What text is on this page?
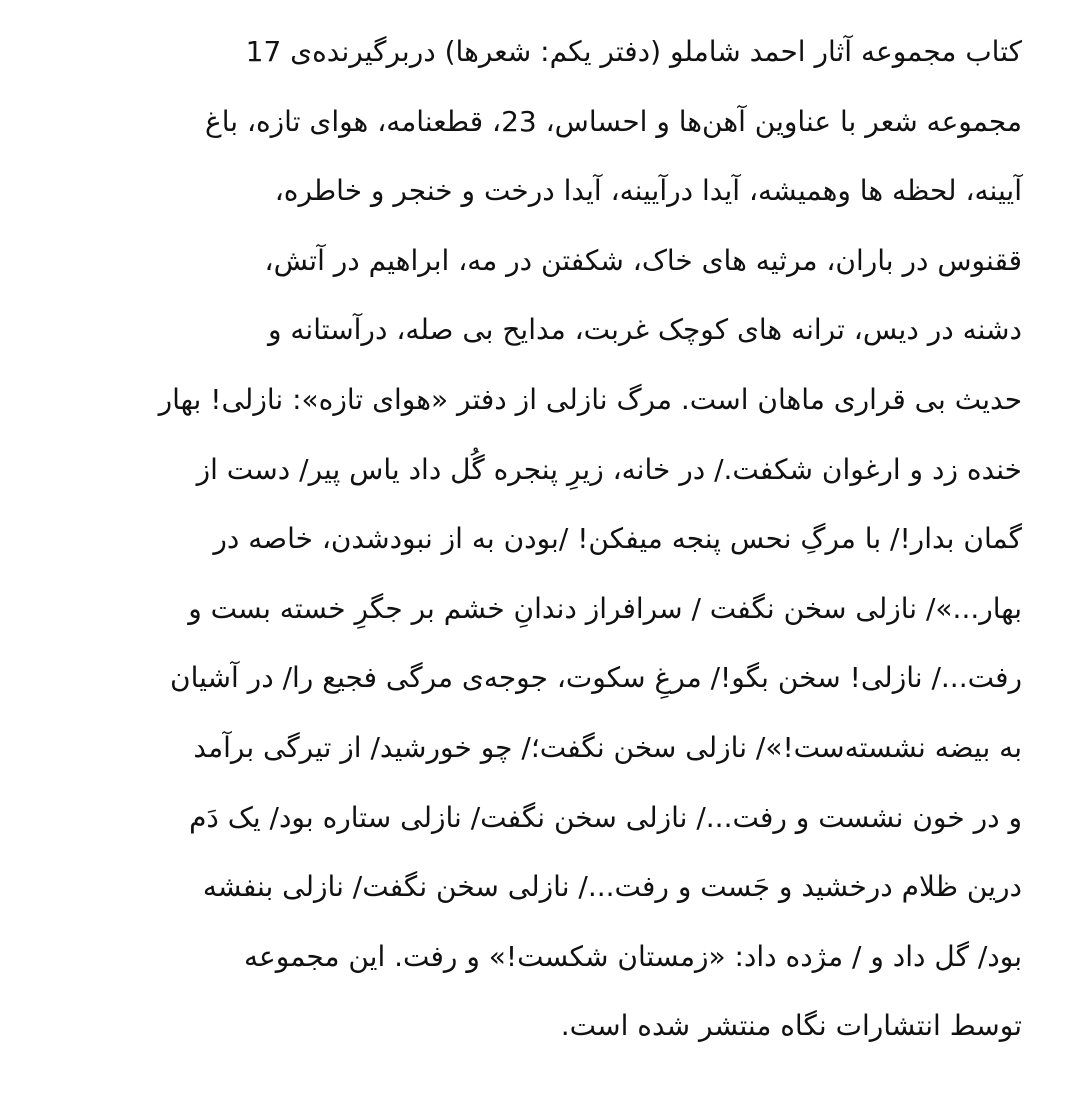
کتاب مجموعه آثار احمد شاملو (دفتر یکم: شعرها) دربرگیرنده‌ی 17
مجموعه شعر با عناوین آهن‌ها و احساس، 23، قطعنامه، هوای تازه، باغ
آیینه، لحظه ها وهمیشه، آیدا درآیینه، آیدا درخت و خنجر و خاطره،
ققنوس در باران، مرثیه های خاک، شکفتن در مه، ابراهیم در آتش،
دشنه در دیس، ترانه های کوچک غربت، مدایح بی صله، درآستانه و
حدیث بی قراری ماهان است. مرگ نازلی از دفتر «هوای تازه»: نازلی! بهار
خنده زد و ارغوان شکفت./ در خانه، زیرِ پنجره گُل داد یاس پیر/ دست از
گمان بدار!/ با مرگِ نحس پنجه میفکن! /بودن به از نبودشدن، خاصه در
بهار...»/ نازلی سخن نگفت / سرافراز دندانِ خشم بر جگرِ خسته بست و
رفت.../ نازلی! سخن بگو!/ مرغِ سکوت، جوجه‌ی مرگی فجیع را/ در آشیان
به بیضه نشسته‌ست!»/ نازلی سخن نگفت؛/ چو خورشید/ از تیرگی برآمد
و در خون نشست و رفت.../ نازلی سخن نگفت/ نازلی ستاره بود/ یک دَم
درین ظلام درخشید و جَست و رفت.../ نازلی سخن نگفت/ نازلی بنفشه
بود/ گل داد و / مژده داد: «زمستان شکست!» و رفت. این مجموعه
توسط انتشارات نگاه منتشر شده است.
